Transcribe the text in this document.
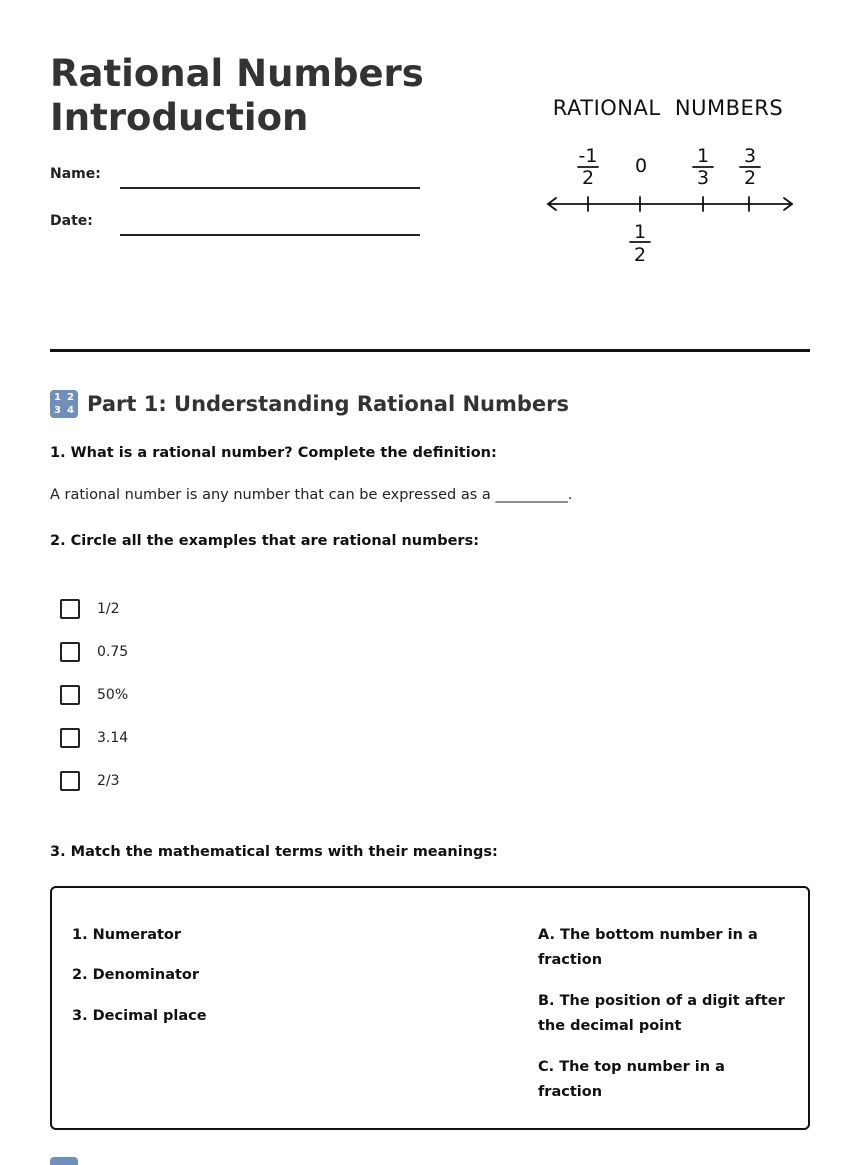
Rational Numbers
Introduction
Name:
Date:
RATIONAL  NUMBERS
-1
2
0	1
3
3
2
1
2
1 2
3 4 Part 1: Understanding Rational Numbers
1. What is a rational number? Complete the definition:
A rational number is any number that can be expressed as a __________.
2. Circle all the examples that are rational numbers:
1/2
0.75
50%
3.14
2/3
3. Match the mathematical terms with their meanings:
1. Numerator
2. Denominator
3. Decimal place
A. The bottom number in a fraction
B. The position of a digit after the decimal point
C. The top number in a fraction
